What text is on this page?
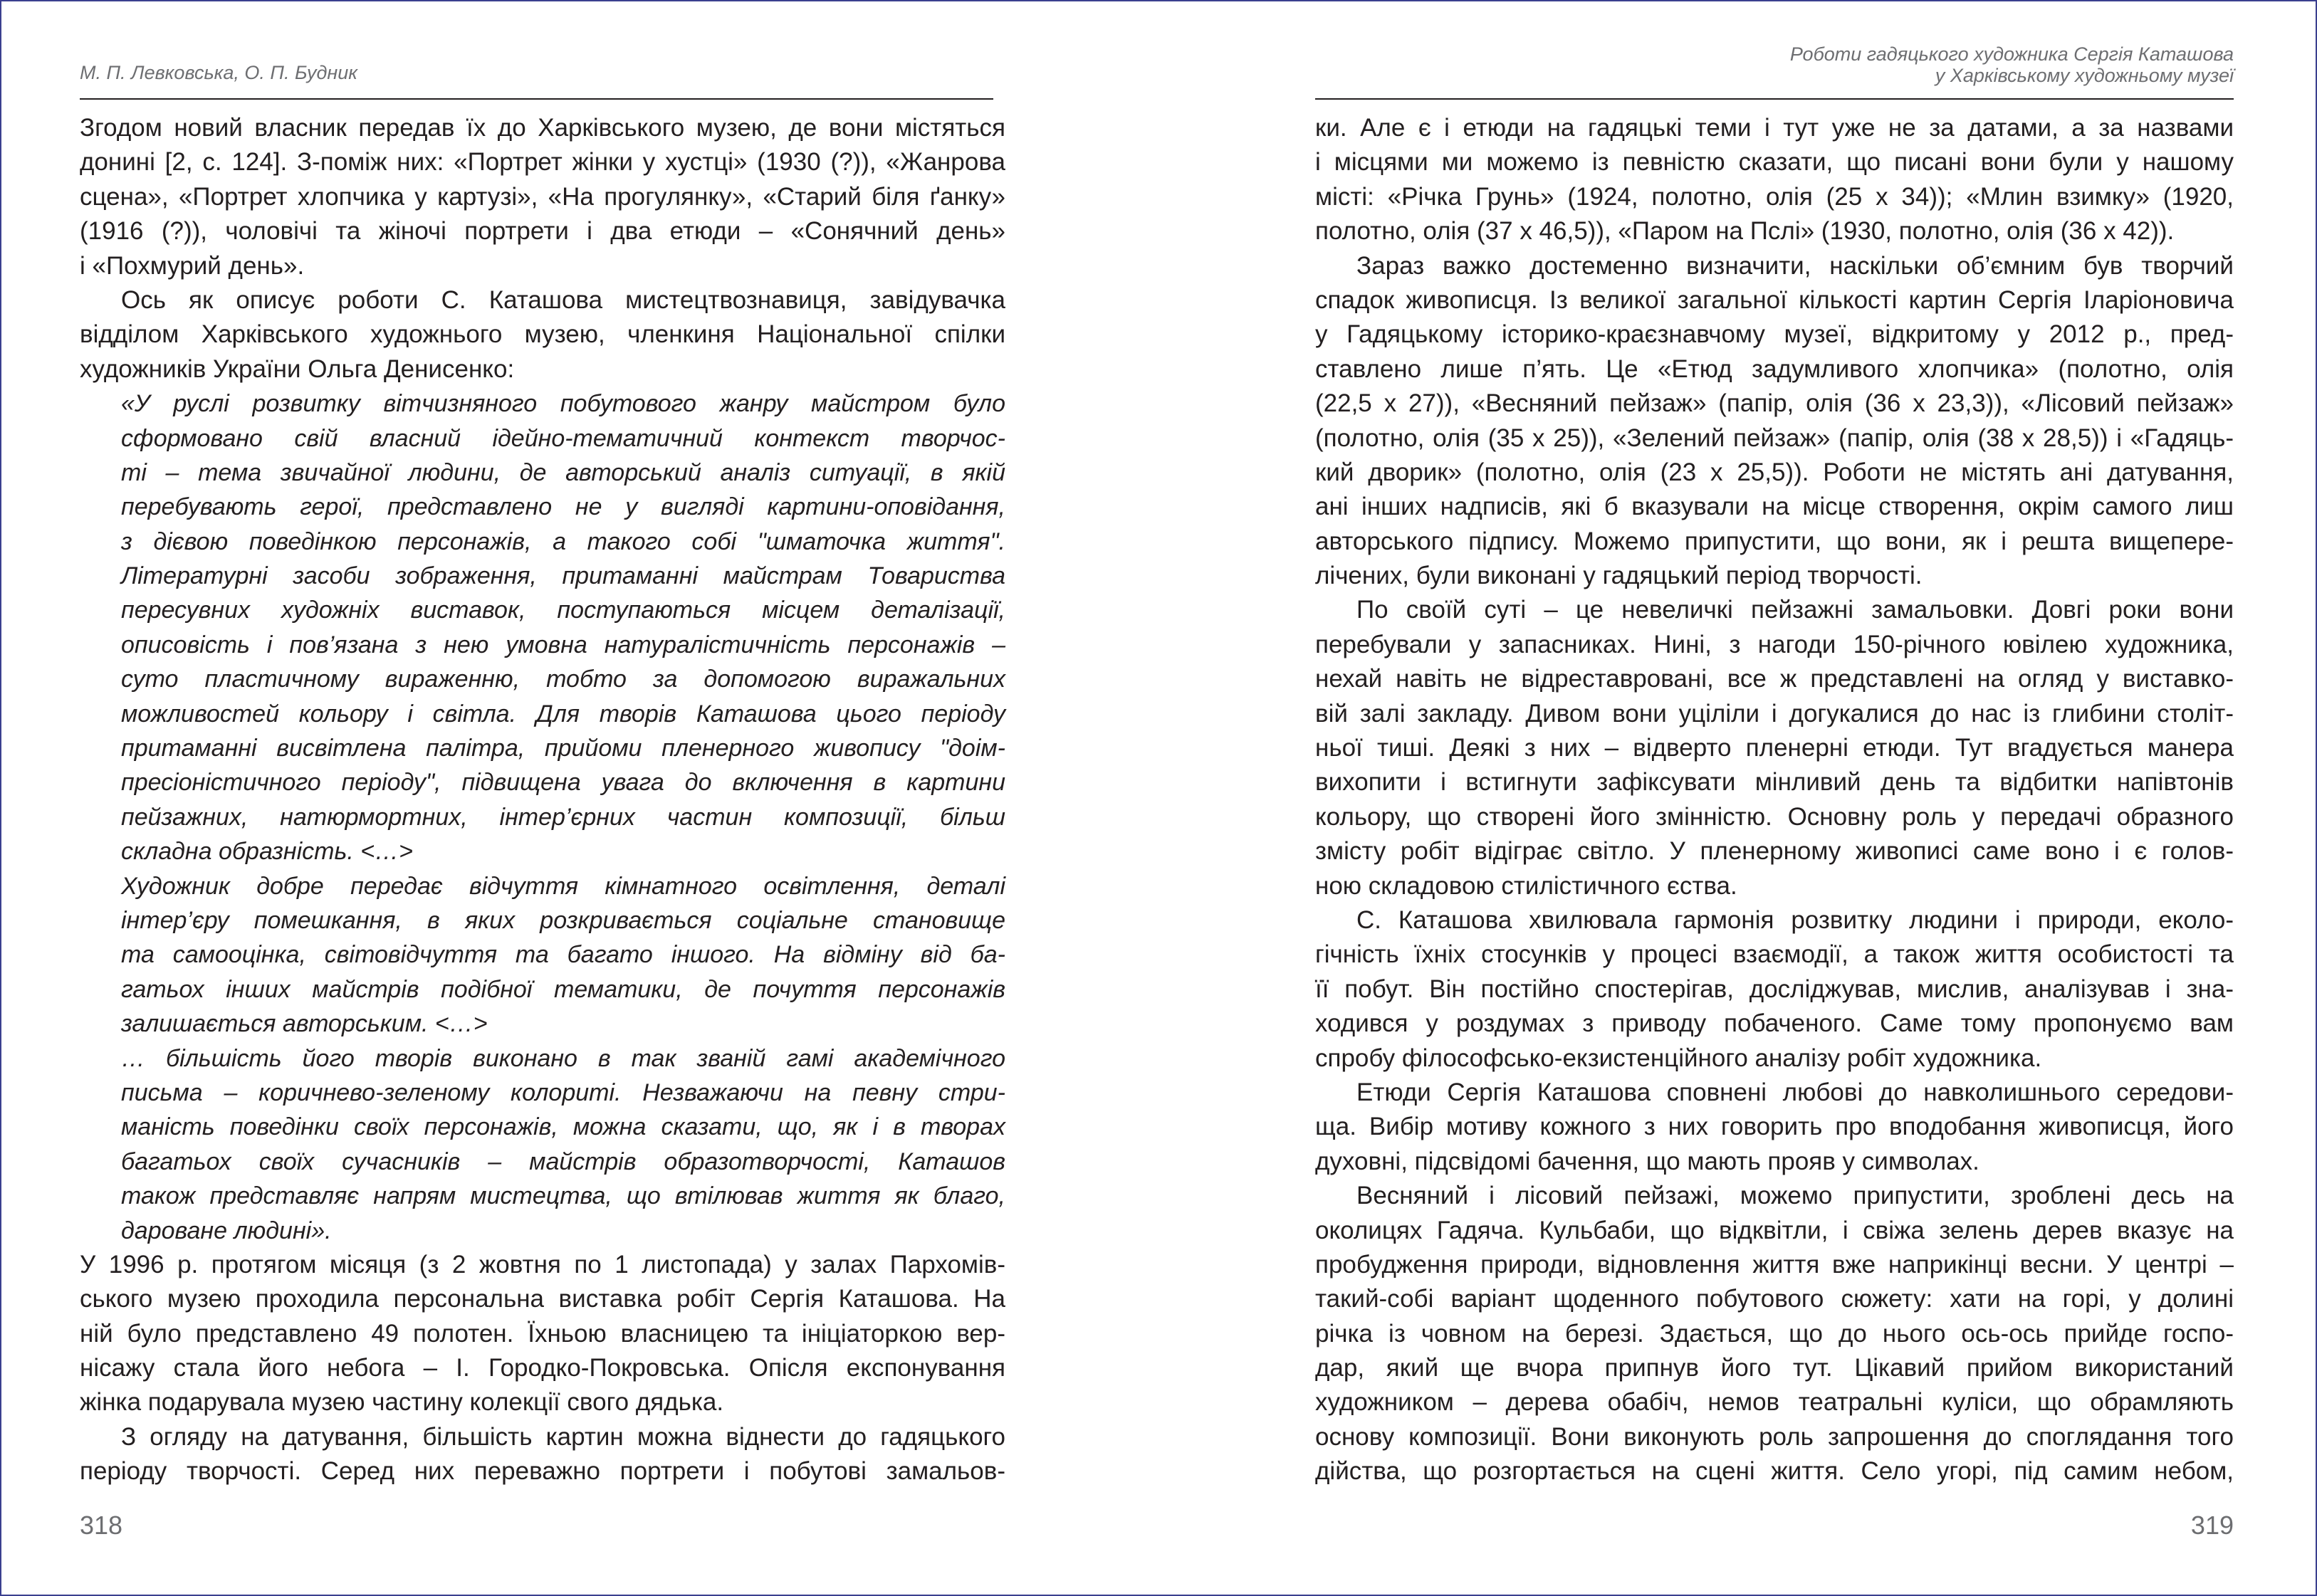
М. П. Левковська, О. П. Будник
Роботи гадяцького художника Сергія Каташова
у Харківському художньому музеї
Згодом новий власник передав їх до Харківського музею, де вони містяться
донині [2, с. 124]. З-поміж них: «Портрет жінки у хустці» (1930 (?)), «Жанрова
сцена», «Портрет хлопчика у картузі», «На прогулянку», «Старий біля ґанку»
(1916 (?)), чоловічі та жіночі портрети і два етюди – «Сонячний день»
і «Похмурий день».
Ось як описує роботи С. Каташова мистецтвознавиця, завідувачка
відділом Харківського художнього музею, членкиня Національної спілки
художників України Ольга Денисенко:
«У руслі розвитку вітчизняного побутового жанру майстром було
сформовано свій власний ідейно-тематичний контекст творчос-
ті – тема звичайної людини, де авторський аналіз ситуації, в якій
перебувають герої, представлено не у вигляді картини-оповідання,
з дієвою поведінкою персонажів, а такого собі "шматочка життя".
Літературні засоби зображення, притаманні майстрам Товариства
пересувних художніх виставок, поступаються місцем деталізації,
описовість і пов’язана з нею умовна натуралістичність персонажів –
суто пластичному вираженню, тобто за допомогою виражальних
можливостей кольору і світла. Для творів Каташова цього періоду
притаманні висвітлена палітра, прийоми пленерного живопису "доім-
пресіоністичного періоду", підвищена увага до включення в картини
пейзажних, натюрмортних, інтер’єрних частин композиції, більш
складна образність. <…>
Художник добре передає відчуття кімнатного освітлення, деталі
інтер’єру помешкання, в яких розкривається соціальне становище
та самооцінка, світовідчуття та багато іншого. На відміну від ба-
гатьох інших майстрів подібної тематики, де почуття персонажів
залишається авторським. <…>
… більшість його творів виконано в так званій гамі академічного
письма – коричнево-зеленому колориті. Незважаючи на певну стри-
маність поведінки своїх персонажів, можна сказати, що, як і в творах
багатьох своїх сучасників – майстрів образотворчості, Каташов
також представляє напрям мистецтва, що втілював життя як благо,
дароване людині».
У 1996 р. протягом місяця (з 2 жовтня по 1 листопада) у залах Пархомів-
ського музею проходила персональна виставка робіт Сергія Каташова. На
ній було представлено 49 полотен. Їхньою власницею та ініціаторкою вер-
нісажу стала його небога – І. Городко-Покровська. Опісля експонування
жінка подарувала музею частину колекції свого дядька.
З огляду на датування, більшість картин можна віднести до гадяцького
періоду творчості. Серед них переважно портрети і побутові замальов-
ки. Але є і етюди на гадяцькі теми і тут уже не за датами, а за назвами
і місцями ми можемо із певністю сказати, що писані вони були у нашому
місті: «Річка Грунь» (1924, полотно, олія (25 х 34)); «Млин взимку» (1920,
полотно, олія (37 х 46,5)), «Паром на Пслі» (1930, полотно, олія (36 х 42)).
Зараз важко достеменно визначити, наскільки об’ємним був творчий
спадок живописця. Із великої загальної кількості картин Сергія Іларіоновича
у Гадяцькому історико-краєзнавчому музеї, відкритому у 2012 р., пред-
ставлено лише п’ять. Це «Етюд задумливого хлопчика» (полотно, олія
(22,5 х 27)), «Весняний пейзаж» (папір, олія (36 х 23,3)), «Лісовий пейзаж»
(полотно, олія (35 х 25)), «Зелений пейзаж» (папір, олія (38 х 28,5)) і «Гадяць-
кий дворик» (полотно, олія (23 х 25,5)). Роботи не містять ані датування,
ані інших надписів, які б вказували на місце створення, окрім самого лиш
авторського підпису. Можемо припустити, що вони, як і решта вищепере-
лічених, були виконані у гадяцький період творчості.
По своїй суті – це невеличкі пейзажні замальовки. Довгі роки вони
перебували у запасниках. Нині, з нагоди 150-річного ювілею художника,
нехай навіть не відреставровані, все ж представлені на огляд у виставко-
вій залі закладу. Дивом вони уціліли і догукалися до нас із глибини століт-
ньої тиші. Деякі з них – відверто пленерні етюди. Тут вгадується манера
вихопити і встигнути зафіксувати мінливий день та відбитки напівтонів
кольору, що створені його змінністю. Основну роль у передачі образного
змісту робіт відіграє світло. У пленерному живописі саме воно і є голов-
ною складовою стилістичного єства.
С. Каташова хвилювала гармонія розвитку людини і природи, еколо-
гічність їхніх стосунків у процесі взаємодії, а також життя особистості та
її побут. Він постійно спостерігав, досліджував, мислив, аналізував і зна-
ходився у роздумах з приводу побаченого. Саме тому пропонуємо вам
спробу філософсько-екзистенційного аналізу робіт художника.
Етюди Сергія Каташова сповнені любові до навколишнього середови-
ща. Вибір мотиву кожного з них говорить про вподобання живописця, його
духовні, підсвідомі бачення, що мають прояв у символах.
Весняний і лісовий пейзажі, можемо припустити, зроблені десь на
околицях Гадяча. Кульбаби, що відквітли, і свіжа зелень дерев вказує на
пробудження природи, відновлення життя вже наприкінці весни. У центрі –
такий-собі варіант щоденного побутового сюжету: хати на горі, у долині
річка із човном на березі. Здається, що до нього ось-ось прийде госпо-
дар, який ще вчора припнув його тут. Цікавий прийом використаний
художником – дерева обабіч, немов театральні куліси, що обрамляють
основу композиції. Вони виконують роль запрошення до споглядання того
дійства, що розгортається на сцені життя. Село угорі, під самим небом,
318	319
